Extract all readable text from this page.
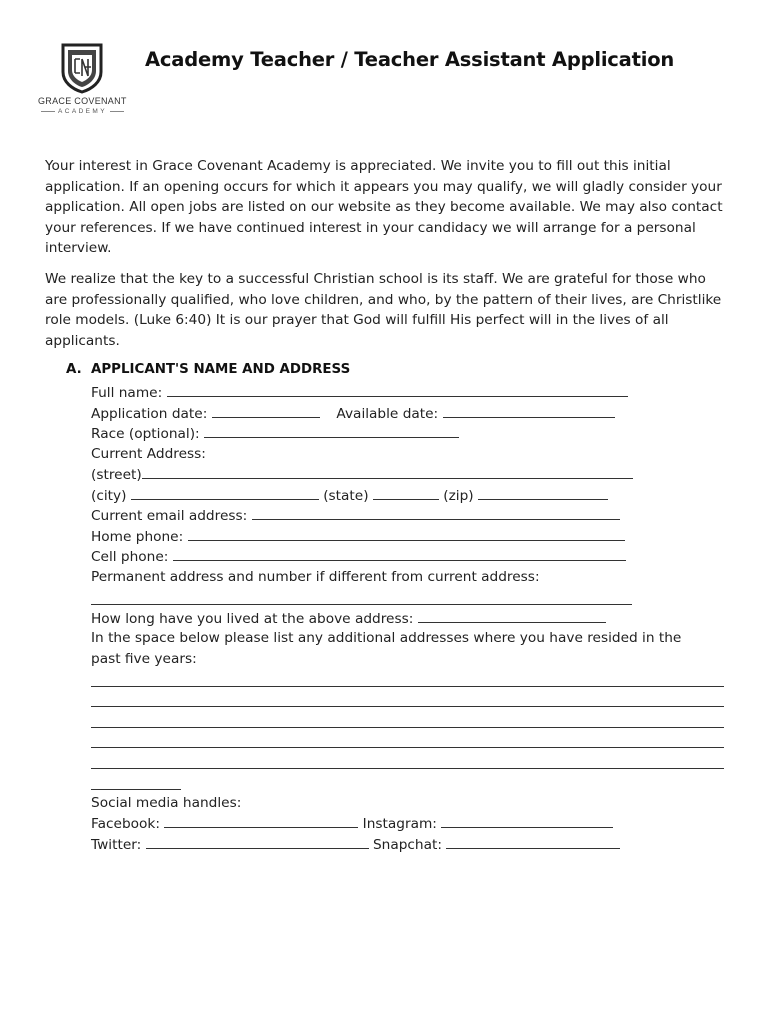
GRACE COVENANT
ACADEMY
Academy Teacher / Teacher Assistant Application
Your interest in Grace Covenant Academy is appreciated. We invite you to fill out this initial application. If an opening occurs for which it appears you may qualify, we will gladly consider your application. All open jobs are listed on our website as they become available. We may also contact your references. If we have continued interest in your candidacy we will arrange for a personal interview.
We realize that the key to a successful Christian school is its staff. We are grateful for those who are professionally qualified, who love children, and who, by the pattern of their lives, are Christlike role models. (Luke 6:40) It is our prayer that God will fulfill His perfect will in the lives of all applicants.
A. APPLICANT'S NAME AND ADDRESS
Full name:
Application date:	Available date:
Race (optional):
Current Address:
(street)
(city)	(state)	(zip)
Current email address:
Home phone:
Cell phone:
Permanent address and number if different from current address:
How long have you lived at the above address:
In the space below please list any additional addresses where you have resided in the
past five years:
Social media handles:
Facebook:	Instagram:
Twitter:	Snapchat:
